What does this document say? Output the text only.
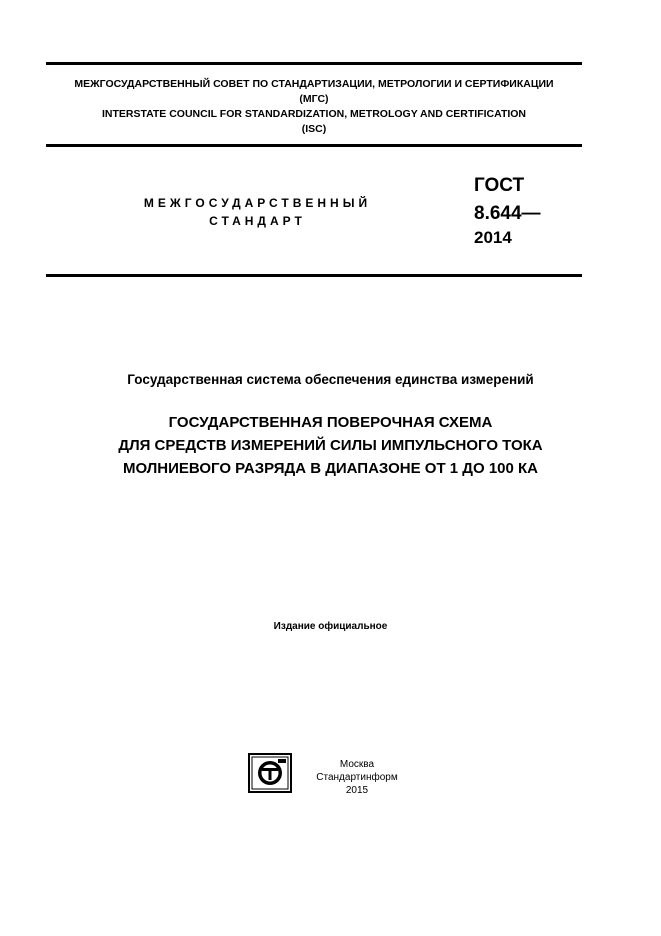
МЕЖГОСУДАРСТВЕННЫЙ СОВЕТ ПО СТАНДАРТИЗАЦИИ, МЕТРОЛОГИИ И СЕРТИФИКАЦИИ
(МГС)
INTERSTATE COUNCIL FOR STANDARDIZATION, METROLOGY AND CERTIFICATION
(ISC)
МЕЖГОСУДАРСТВЕННЫЙ
СТАНДАРТ
ГОСТ
8.644—
2014
Государственная система обеспечения единства измерений
ГОСУДАРСТВЕННАЯ ПОВЕРОЧНАЯ СХЕМА
ДЛЯ СРЕДСТВ ИЗМЕРЕНИЙ СИЛЫ ИМПУЛЬСНОГО ТОКА
МОЛНИЕВОГО РАЗРЯДА В ДИАПАЗОНЕ ОТ 1 ДО 100 КА
Издание официальное
Москва
Стандартинформ
2015
